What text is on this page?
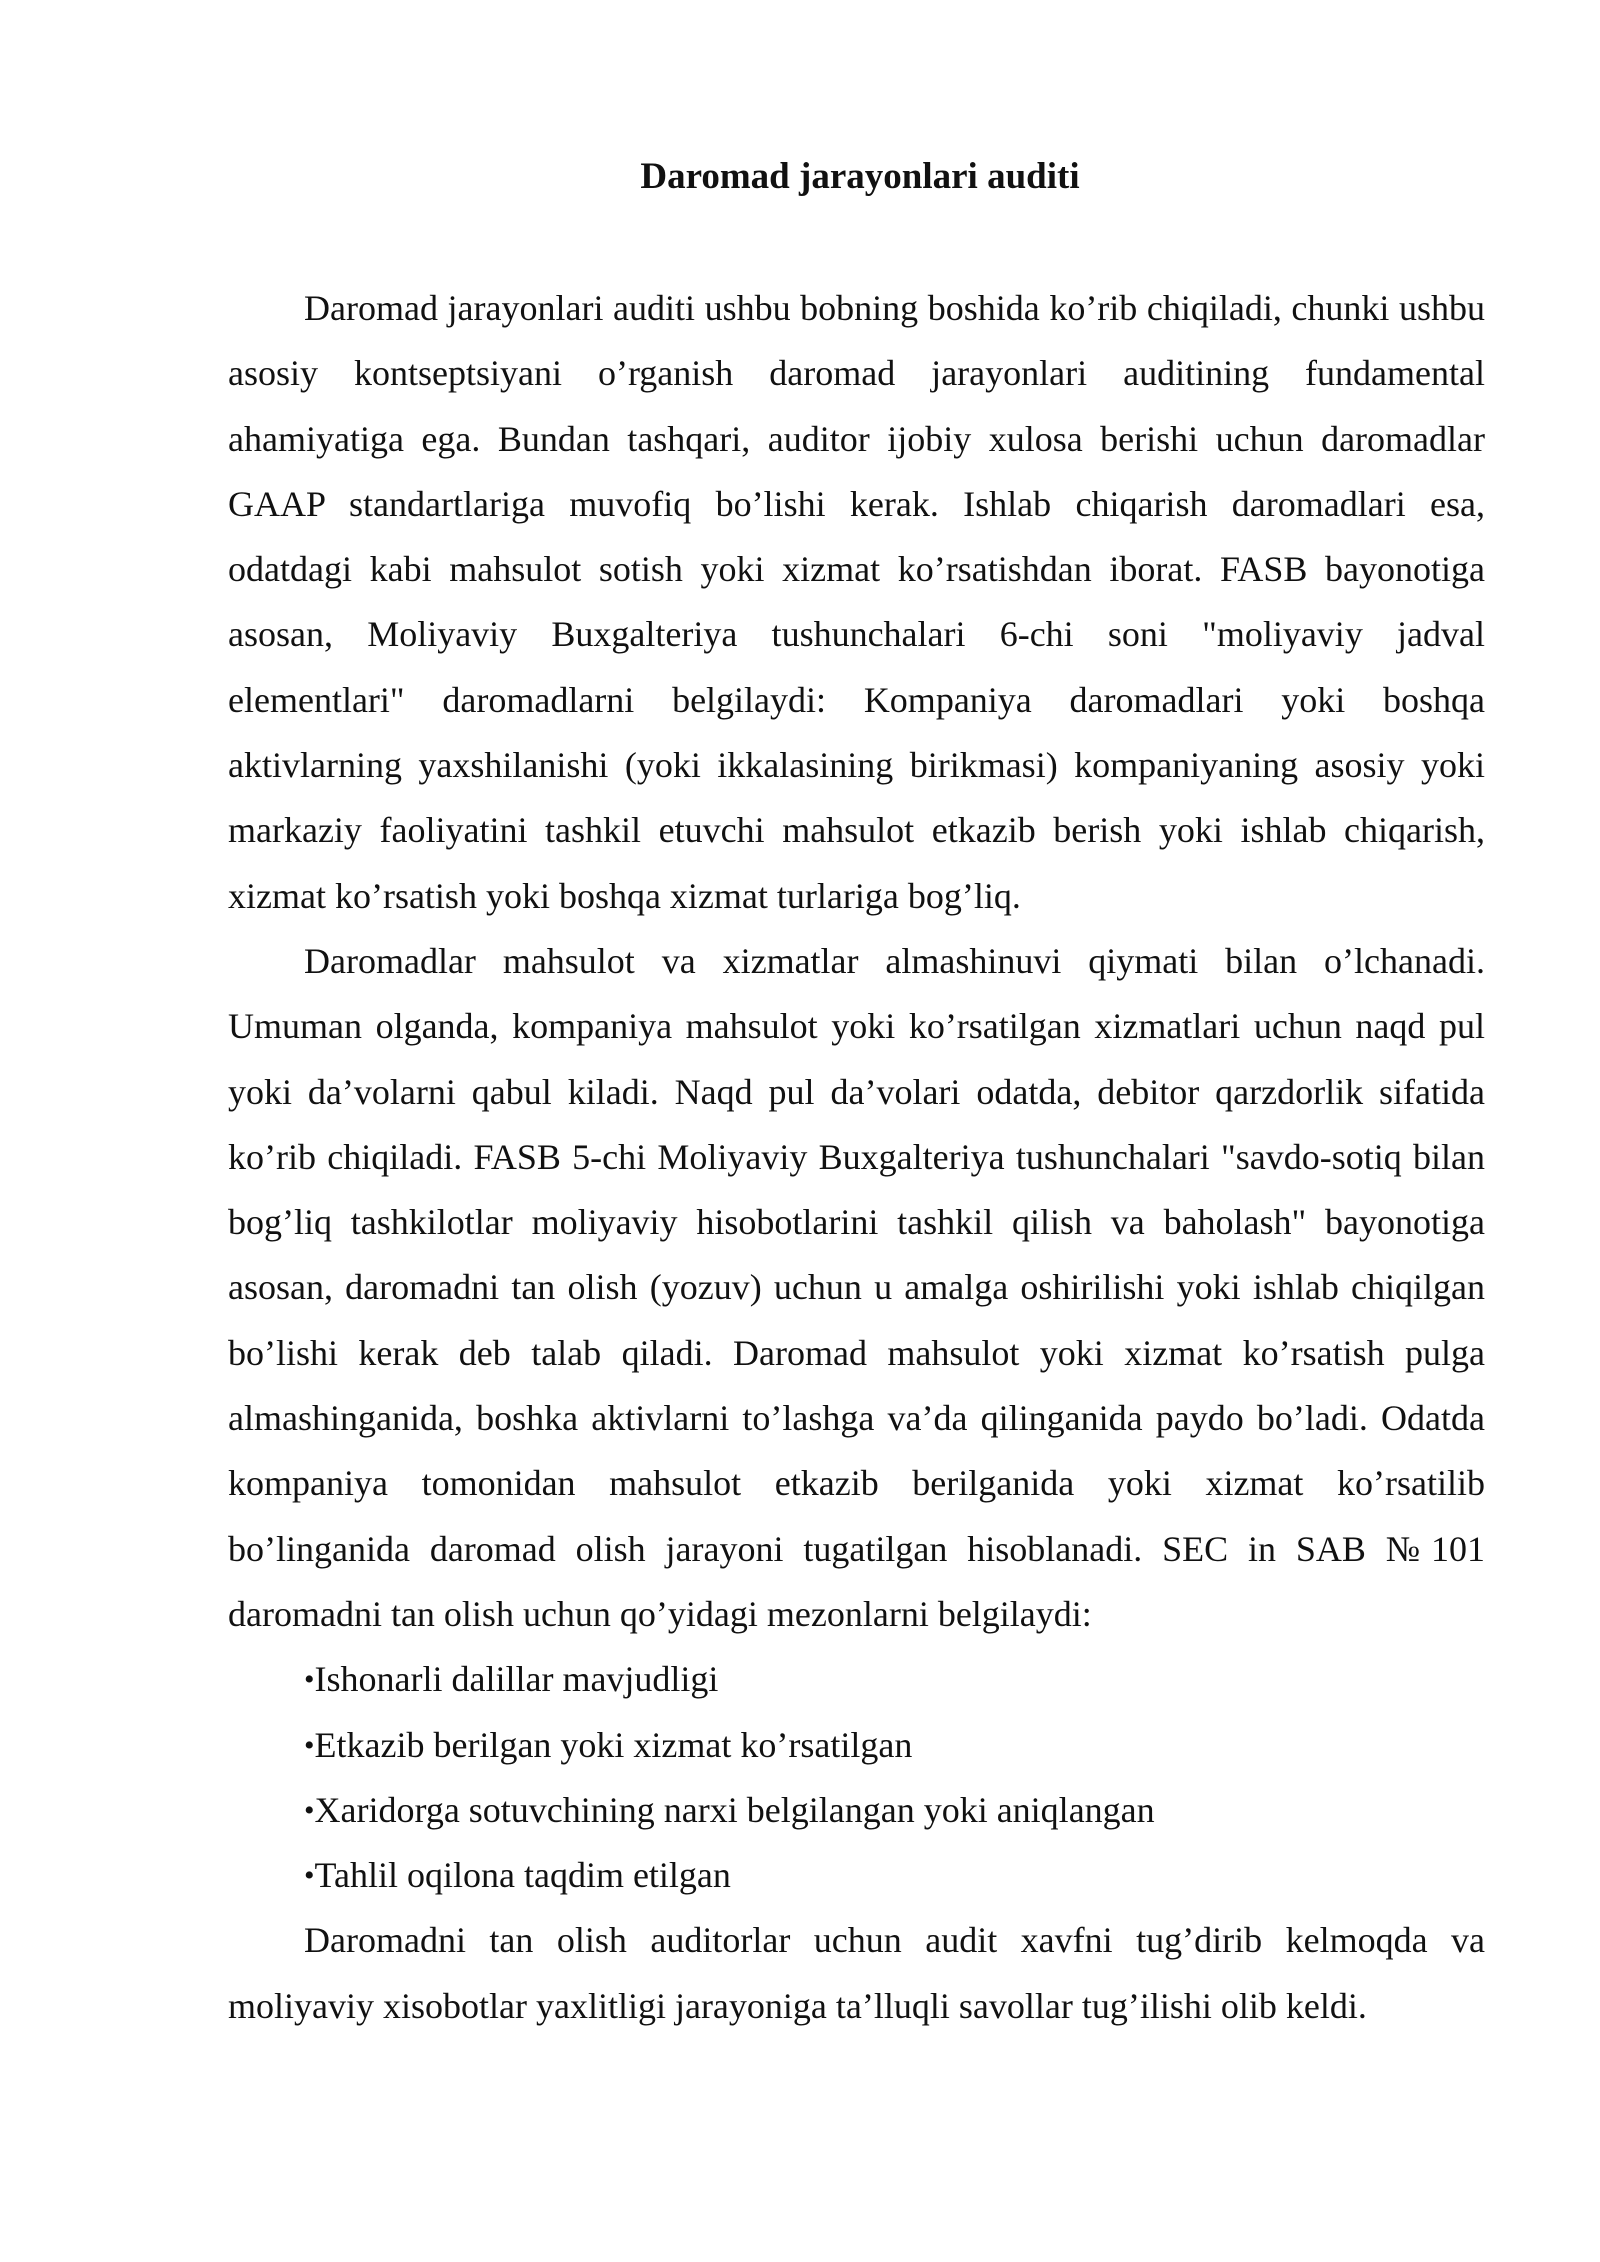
Daromad jarayonlari auditi

Daromad jarayonlari auditi ushbu bobning boshida ko’rib chiqiladi, chunki ushbu asosiy kontseptsiyani o’rganish daromad jarayonlari auditining fundamental ahamiyatiga ega. Bundan tashqari, auditor ijobiy xulosa berishi uchun daromadlar GAAP standartlariga muvofiq bo’lishi kerak. Ishlab chiqarish daromadlari esa, odatdagi kabi mahsulot sotish yoki xizmat ko’rsatishdan iborat. FASB bayonotiga asosan, Moliyaviy Buxgalteriya tushunchalari 6-chi soni "moliyaviy jadval elementlari" daromadlarni belgilaydi: Kompaniya daromadlari yoki boshqa aktivlarning yaxshilanishi (yoki ikkalasining birikmasi) kompaniyaning asosiy yoki markaziy faoliyatini tashkil etuvchi mahsulot etkazib berish yoki ishlab chiqarish, xizmat ko’rsatish yoki boshqa xizmat turlariga bog’liq.

Daromadlar mahsulot va xizmatlar almashinuvi qiymati bilan o’lchanadi. Umuman olganda, kompaniya mahsulot yoki ko’rsatilgan xizmatlari uchun naqd pul yoki da’volarni qabul kiladi. Naqd pul da’volari odatda, debitor qarzdorlik sifatida ko’rib chiqiladi. FASB 5-chi Moliyaviy Buxgalteriya tushunchalari "savdo-sotiq bilan bog’liq tashkilotlar moliyaviy hisobotlarini tashkil qilish va baholash" bayonotiga asosan, daromadni tan olish (yozuv) uchun u amalga oshirilishi yoki ishlab chiqilgan bo’lishi kerak deb talab qiladi. Daromad mahsulot yoki xizmat ko’rsatish pulga almashinganida, boshka aktivlarni to’lashga va’da qilinganida paydo bo’ladi. Odatda kompaniya tomonidan mahsulot etkazib berilganida yoki xizmat ko’rsatilib bo’linganida daromad olish jarayoni tugatilgan hisoblanadi. SEC in SAB №101 daromadni tan olish uchun qo’yidagi mezonlarni belgilaydi:

•Ishonarli dalillar mavjudligi
•Etkazib berilgan yoki xizmat ko’rsatilgan
•Xaridorga sotuvchining narxi belgilangan yoki aniqlangan
•Tahlil oqilona taqdim etilgan

Daromadni tan olish auditorlar uchun audit xavfni tug’dirib kelmoqda va moliyaviy xisobotlar yaxlitligi jarayoniga ta’lluqli savollar tug’ilishi olib keldi.
